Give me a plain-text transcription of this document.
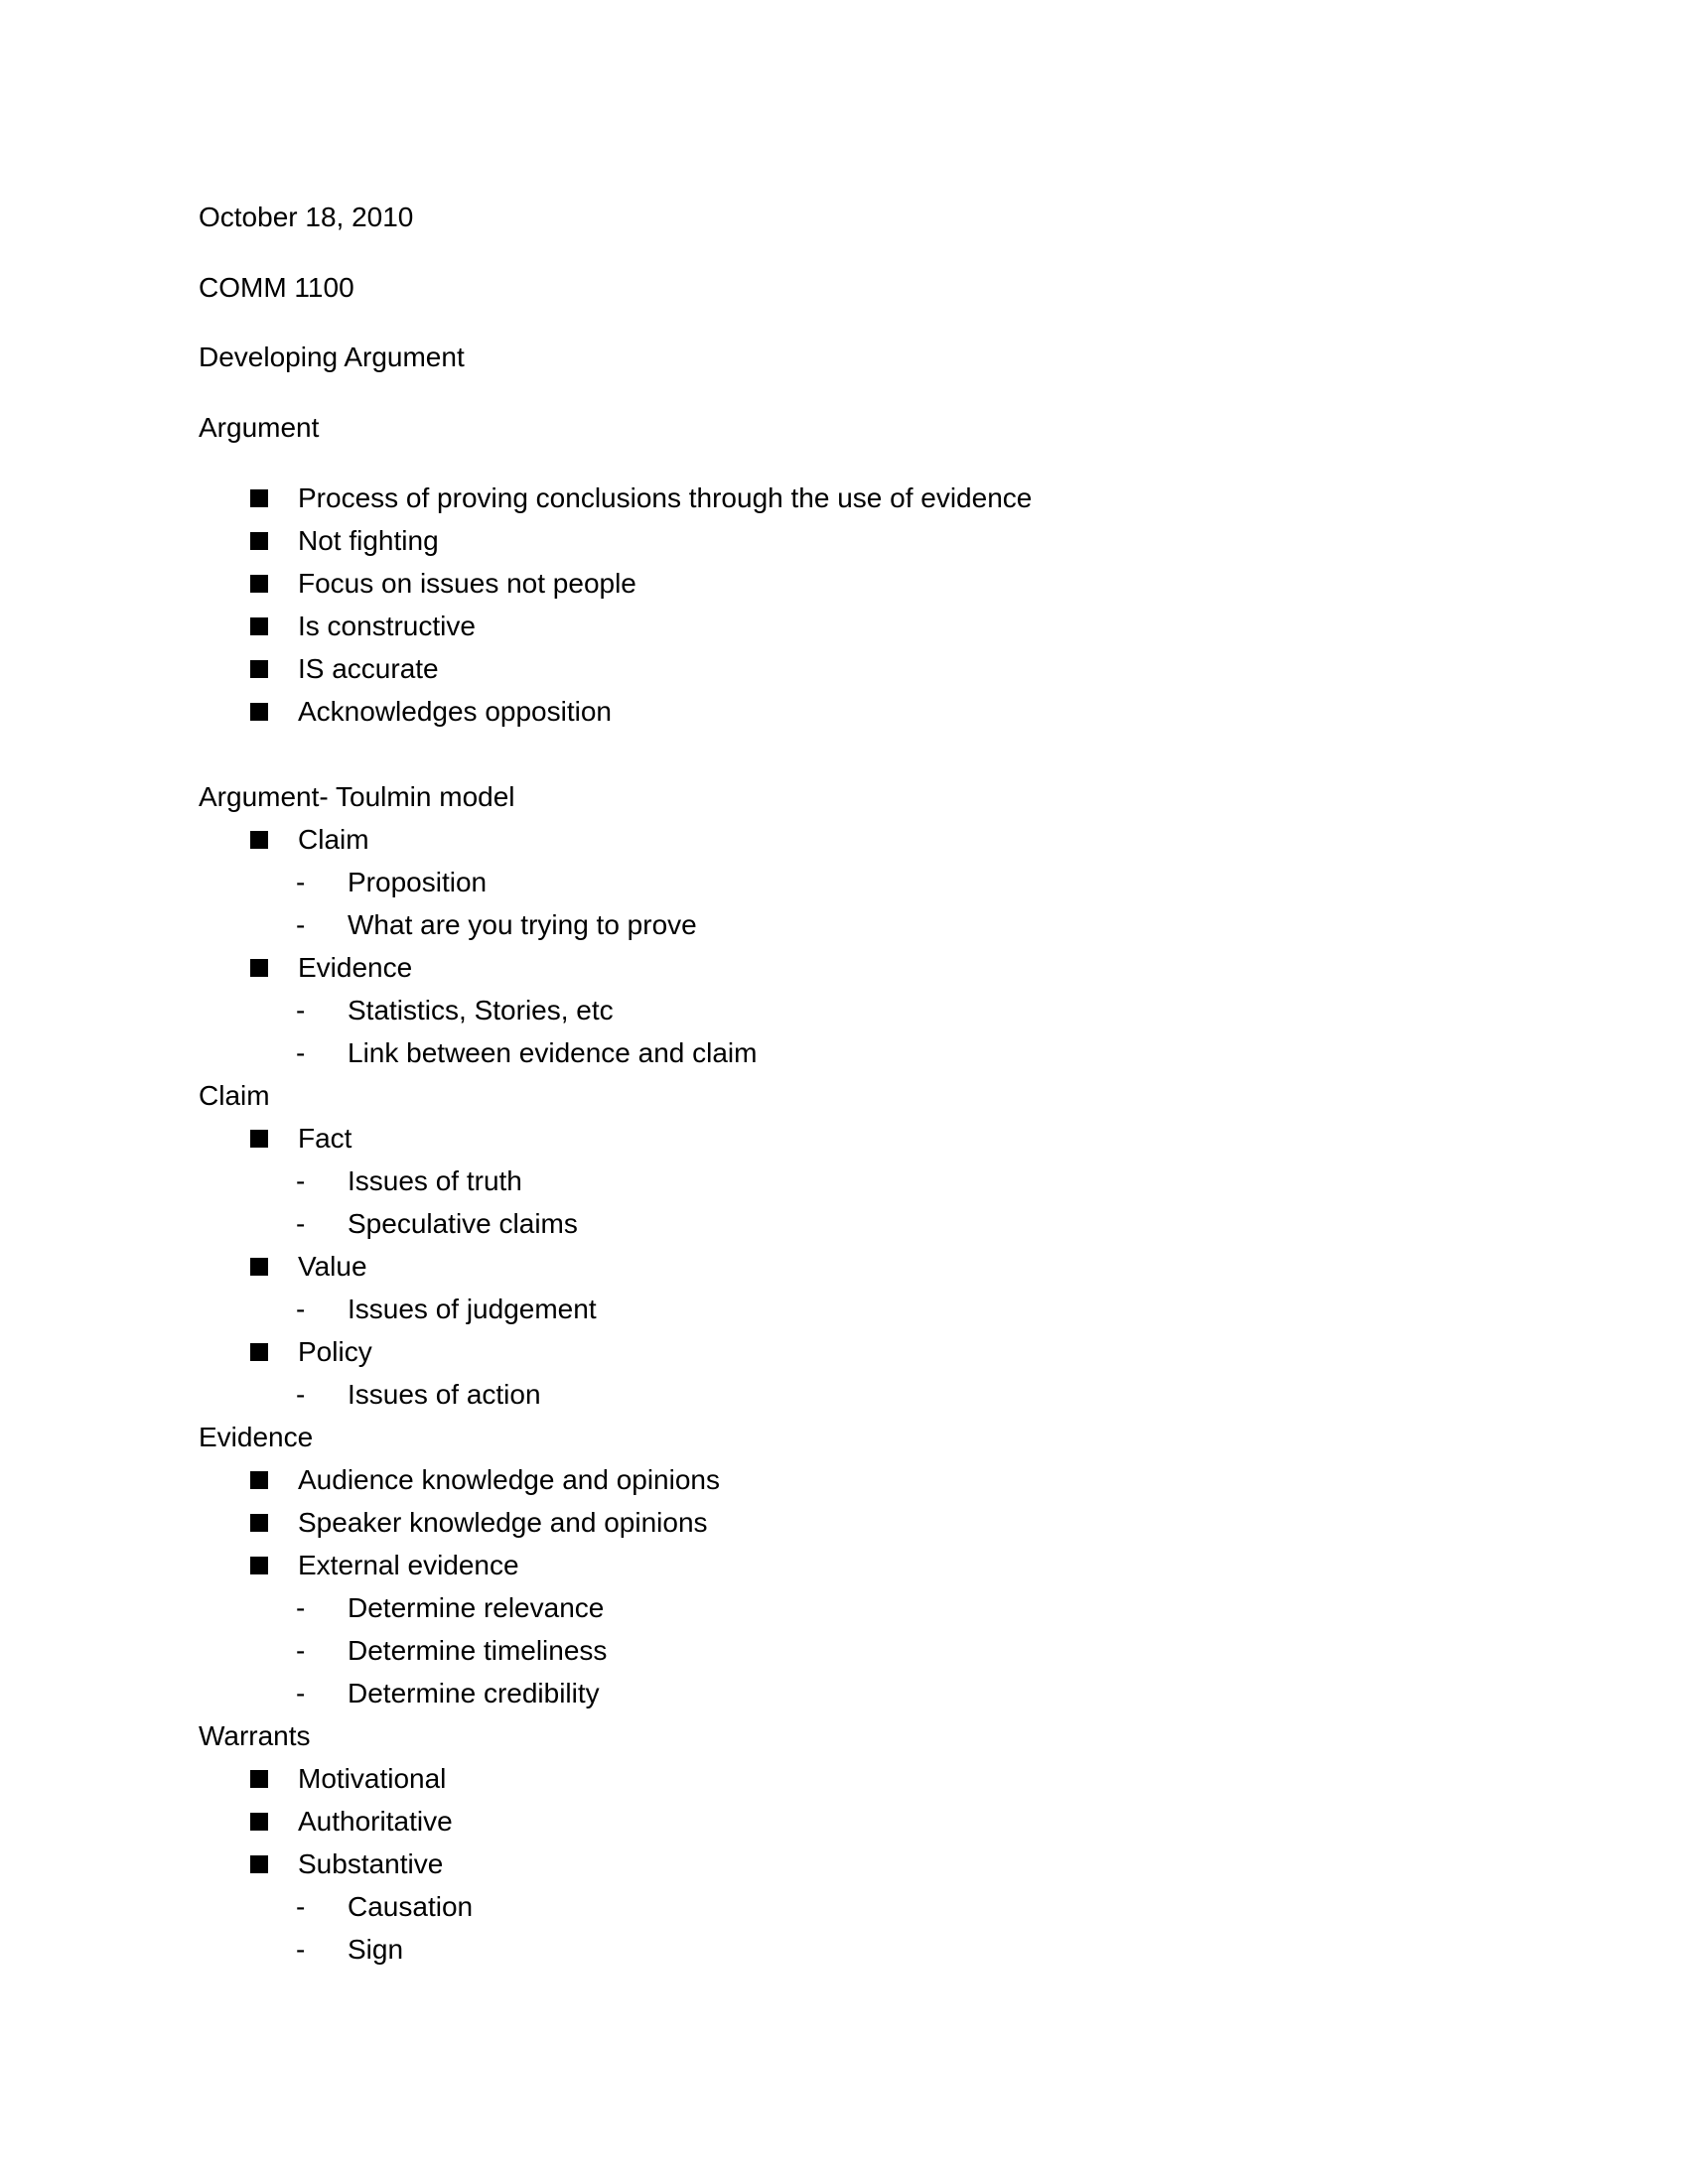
October 18, 2010
COMM 1100
Developing Argument
Argument
Process of proving conclusions through the use of evidence
Not fighting
Focus on issues not people
Is constructive
IS accurate
Acknowledges opposition
Argument- Toulmin model
Claim
- Proposition
- What are you trying to prove
Evidence
- Statistics, Stories, etc
- Link between evidence and claim
Claim
Fact
- Issues of truth
- Speculative claims
Value
- Issues of judgement
Policy
- Issues of action
Evidence
Audience knowledge and opinions
Speaker knowledge and opinions
External evidence
- Determine relevance
- Determine timeliness
- Determine credibility
Warrants
Motivational
Authoritative
Substantive
- Causation
- Sign
